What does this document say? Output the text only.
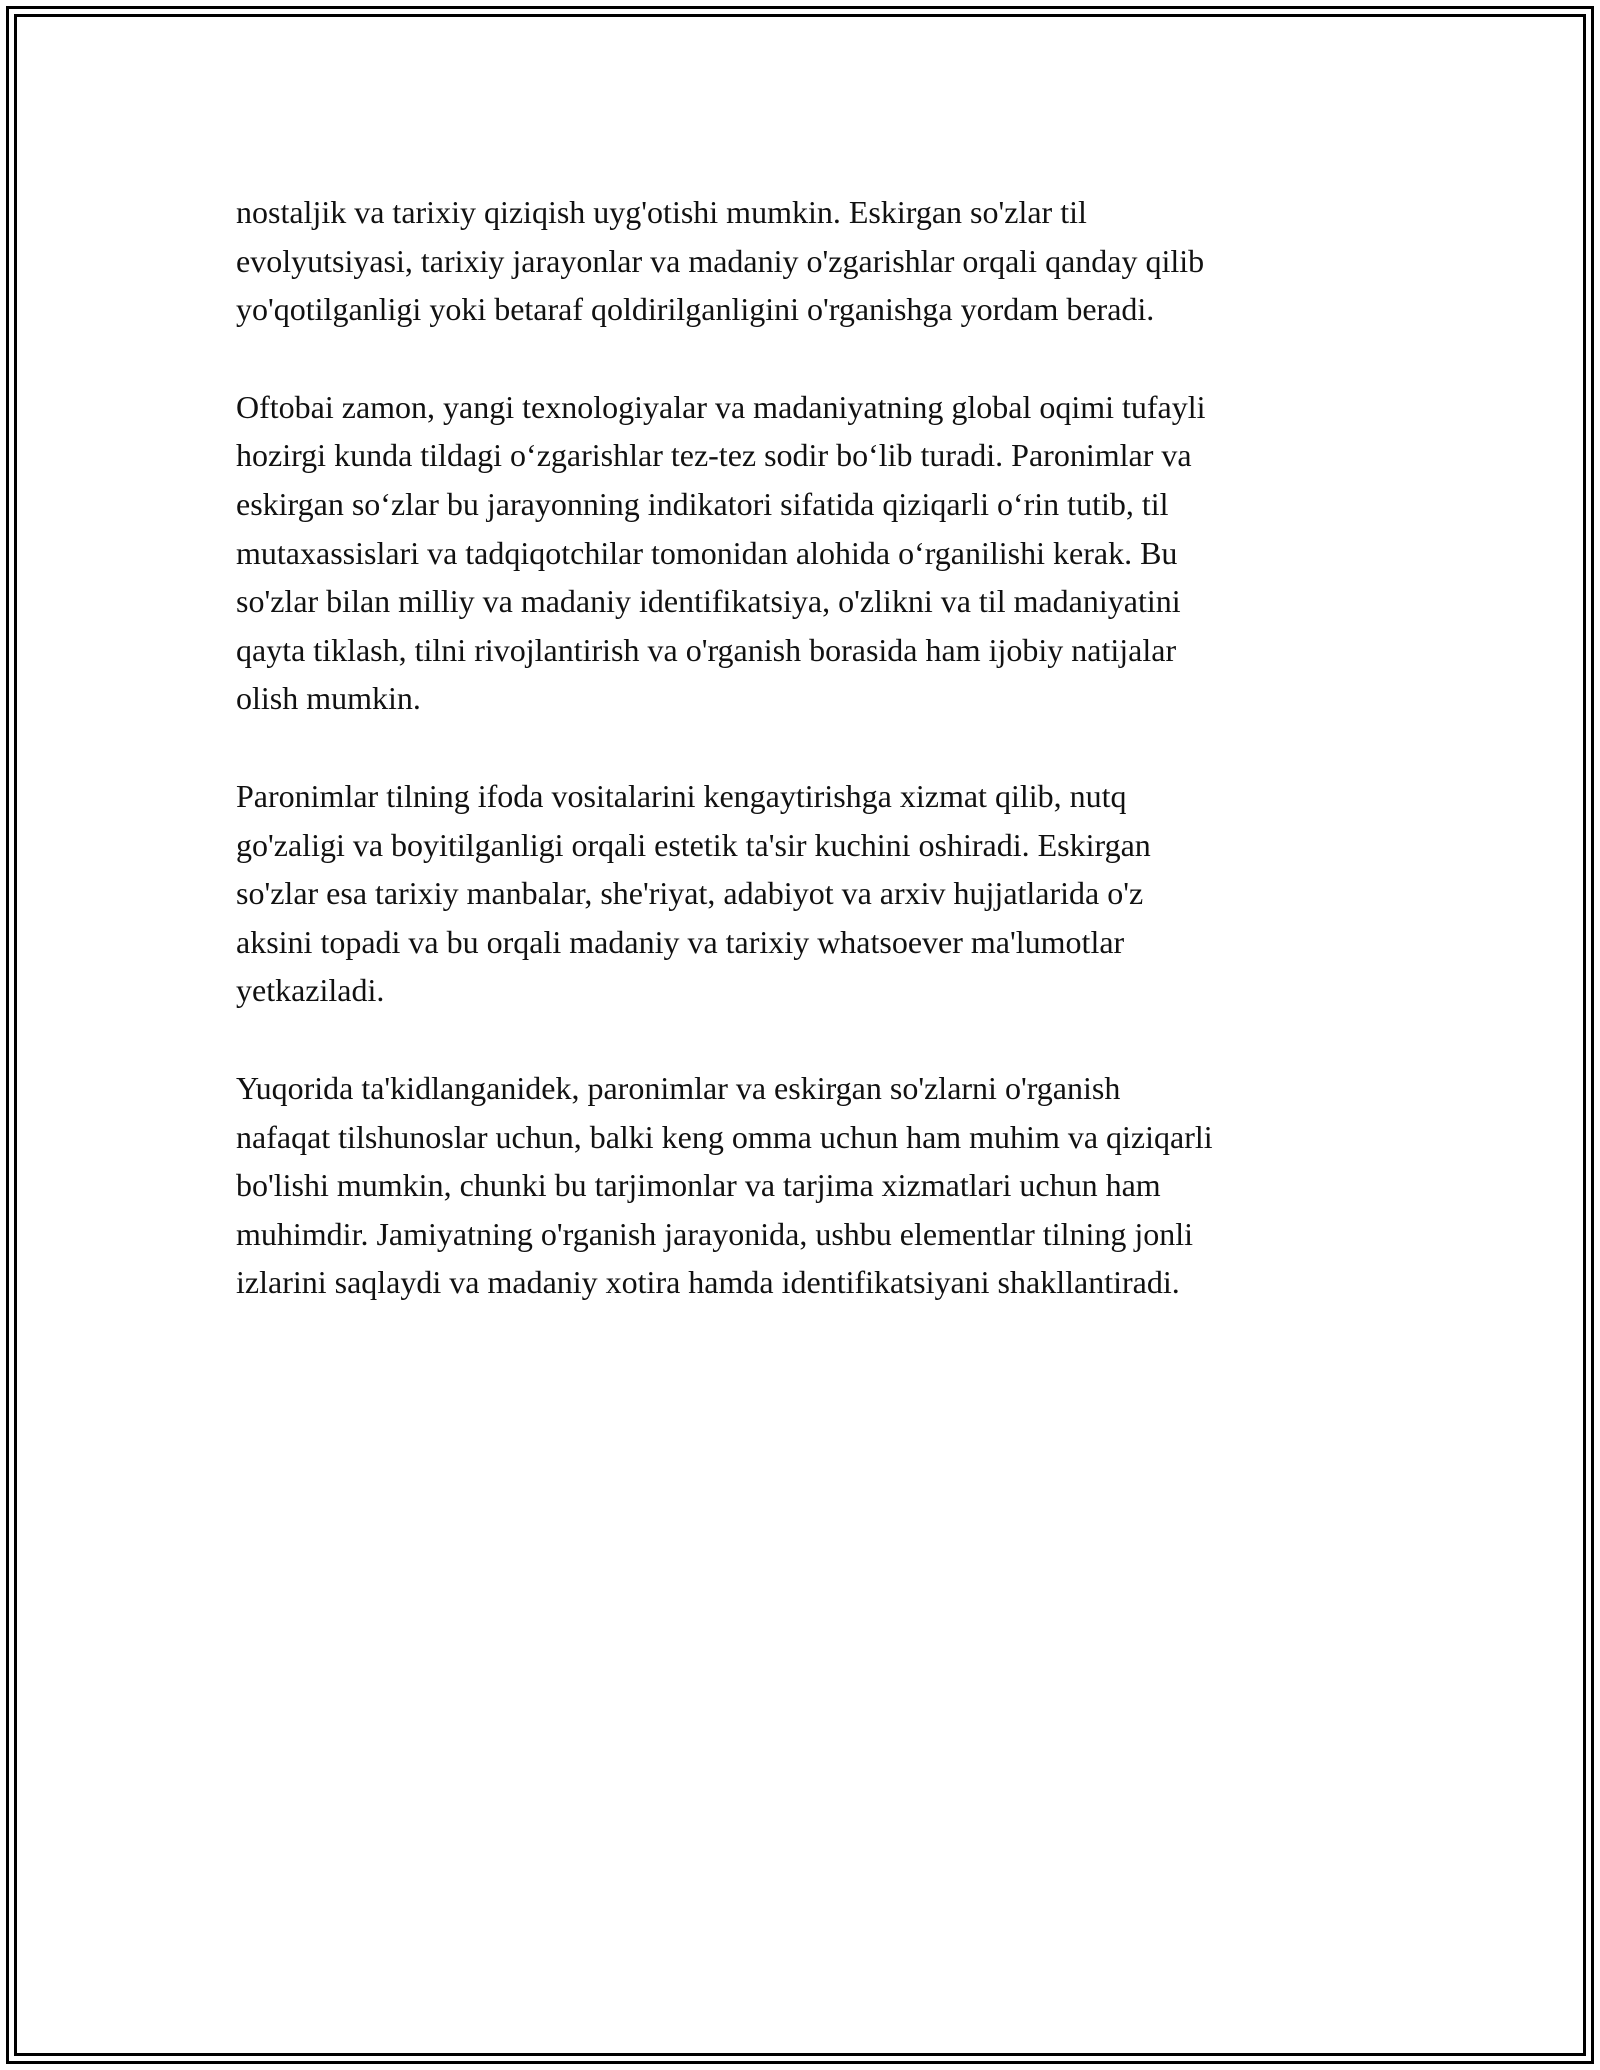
nostaljik va tarixiy qiziqish uyg'otishi mumkin. Eskirgan so'zlar til
evolyutsiyasi, tarixiy jarayonlar va madaniy o'zgarishlar orqali qanday qilib
yo'qotilganligi yoki betaraf qoldirilganligini o'rganishga yordam beradi.

Oftobai zamon, yangi texnologiyalar va madaniyatning global oqimi tufayli
hozirgi kunda tildagi o‘zgarishlar tez-tez sodir bo‘lib turadi. Paronimlar va
eskirgan so‘zlar bu jarayonning indikatori sifatida qiziqarli o‘rin tutib, til
mutaxassislari va tadqiqotchilar tomonidan alohida o‘rganilishi kerak. Bu
so'zlar bilan milliy va madaniy identifikatsiya, o'zlikni va til madaniyatini
qayta tiklash, tilni rivojlantirish va o'rganish borasida ham ijobiy natijalar
olish mumkin.

Paronimlar tilning ifoda vositalarini kengaytirishga xizmat qilib, nutq
go'zaligi va boyitilganligi orqali estetik ta'sir kuchini oshiradi. Eskirgan
so'zlar esa tarixiy manbalar, she'riyat, adabiyot va arxiv hujjatlarida o'z
aksini topadi va bu orqali madaniy va tarixiy whatsoever ma'lumotlar
yetkaziladi.

Yuqorida ta'kidlanganidek, paronimlar va eskirgan so'zlarni o'rganish
nafaqat tilshunoslar uchun, balki keng omma uchun ham muhim va qiziqarli
bo'lishi mumkin, chunki bu tarjimonlar va tarjima xizmatlari uchun ham
muhimdir. Jamiyatning o'rganish jarayonida, ushbu elementlar tilning jonli
izlarini saqlaydi va madaniy xotira hamda identifikatsiyani shakllantiradi.
